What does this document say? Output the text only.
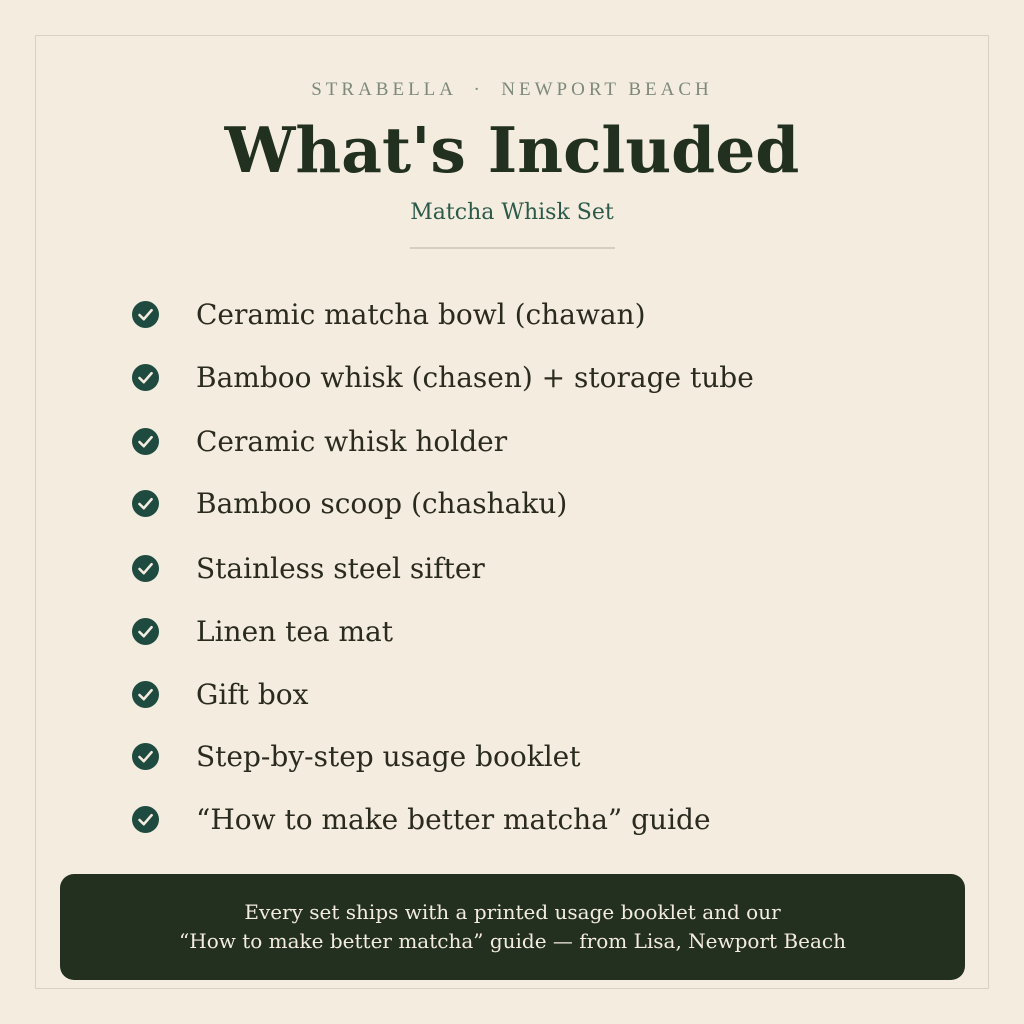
STRABELLA  ·  NEWPORT BEACH
What's Included
Matcha Whisk Set
Ceramic matcha bowl (chawan)
Bamboo whisk (chasen) + storage tube
Ceramic whisk holder
Bamboo scoop (chashaku)
Stainless steel sifter
Linen tea mat
Gift box
Step-by-step usage booklet
“How to make better matcha” guide
Every set ships with a printed usage booklet and our
“How to make better matcha” guide — from Lisa, Newport Beach
